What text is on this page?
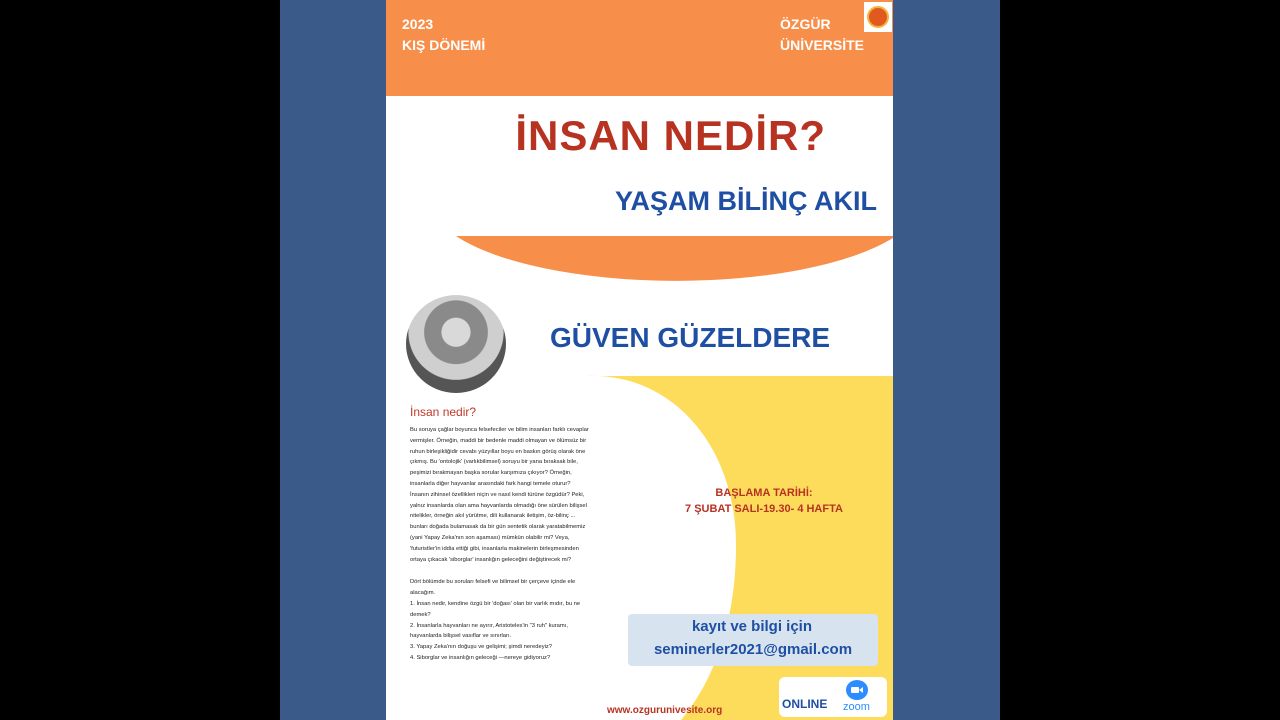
2023
KIŞ DÖNEMİ
ÖZGÜR
ÜNİVERSİTE
İNSAN NEDİR?
YAŞAM BİLİNÇ AKIL
GÜVEN GÜZELDERE
İnsan nedir?

Bu soruya çağlar boyunca felsefeciler ve bilim insanları farklı cevaplar vermişler. Örneğin, maddi bir bedenle maddi olmayan ve ölümsüz bir ruhun birleşikliğidir cevabı yüzyıllar boyu en baskın görüş olarak öne çıkmış. Bu 'ontolojik' (varlıkbilimsel) soruyu bir yana bıraksak bile, peşimizi bırakmayan başka sorular karşımıza çıkıyor? Örneğin, insanlarla diğer hayvanlar arasındaki fark hangi temele oturur? İnsanın zihinsel özellikleri niçin ve nasıl kendi türüne özgüdür? Peki, yalnız insanlarda olan ama hayvanlarda olmadığı öne sürülen bilişsel nitelikler, örneğin akıl yürütme, dili kullanarak iletişim, öz-bilinç ... bunları doğada bulamasak da bir gün sentetik olarak yaratabilmemiz (yani Yapay Zeka'nın son aşaması) mümkün olabilir mi? Veya, 'futuristler'in iddia ettiği gibi, insanlarla makinelerin birleşmesinden ortaya çıkacak 'siborglar' insanlığın geleceğini değiştirecek mi?

Dört bölümde bu soruları felsefi ve bilimsel bir çerçeve içinde ele alacağım.
1. İnsan nedir, kendine özgü bir 'doğası' olan bir varlık mıdır, bu ne demek?
2. İnsanlarla hayvanları ne ayırır, Aristoteles'in "3 ruh" kuramı, hayvanlarda bilişsel vasıflar ve sınırları.
3. Yapay Zeka'nın doğuşu ve gelişimi; şimdi neredeyiz?
4. Siborglar ve insanlığın geleceği —nereye gidiyoruz?
BAŞLAMA TARİHİ:
7 ŞUBAT SALI-19.30- 4 HAFTA
kayıt ve bilgi için
seminerler2021@gmail.com
ONLINE zoom
www.ozgurunivesite.org
